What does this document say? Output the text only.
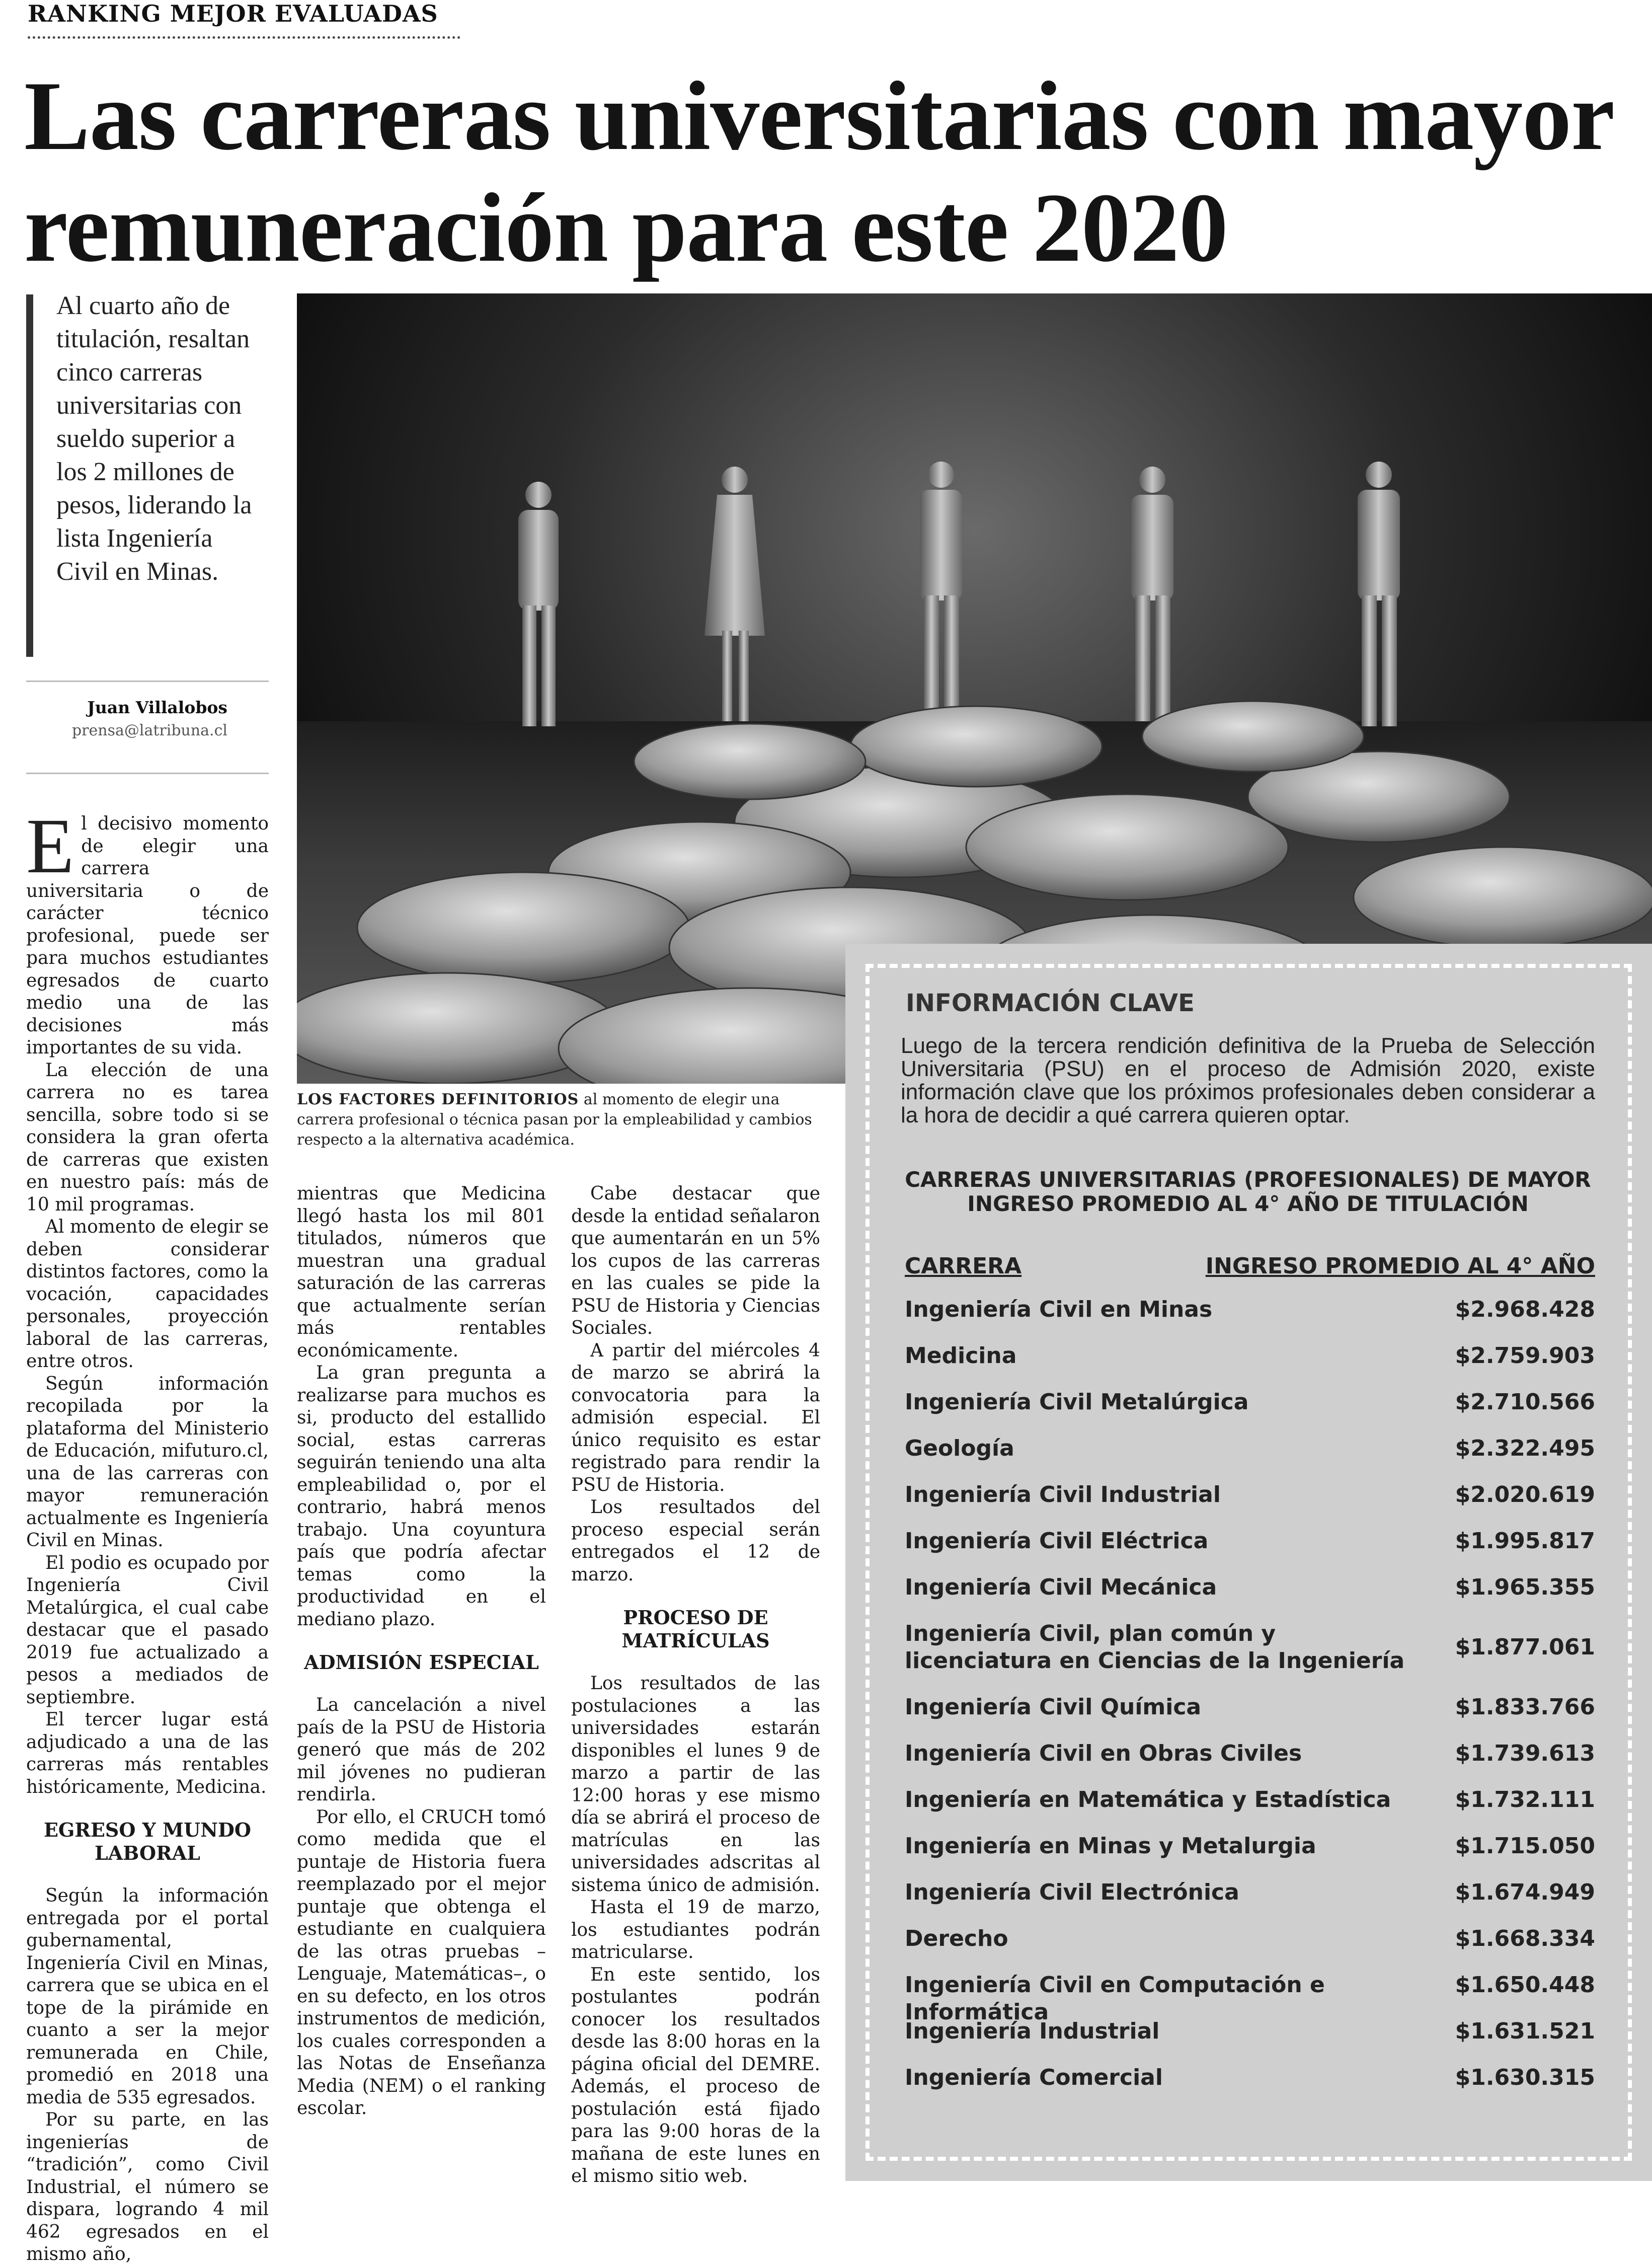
RANKING MEJOR EVALUADAS
Las carreras universitarias con mayor
remuneración para este 2020
Al cuarto año de titulación, resaltan cinco carreras universitarias con sueldo superior a los 2 millones de pesos, liderando la lista Ingeniería Civil en Minas.
Juan Villalobos
prensa@latribuna.cl
LOS FACTORES DEFINITORIOS al momento de elegir una carrera profesional o técnica pasan por la empleabilidad y cambios respecto a la alternativa académica.

El decisivo momento de elegir una carrera universitaria o de carácter técnico profesional, puede ser para muchos estudiantes egresados de cuarto medio una de las decisiones más importantes de su vida.

La elección de una carrera no es tarea sencilla, sobre todo si se considera la gran oferta de carreras que existen en nuestro país: más de 10 mil programas.

Al momento de elegir se deben considerar distintos factores, como la vocación, capacidades personales, proyección laboral de las carreras, entre otros.

Según información recopilada por la plataforma del Ministerio de Educación, mifuturo.cl, una de las carreras con mayor remuneración actualmente es Ingeniería Civil en Minas.

El podio es ocupado por Ingeniería Civil Metalúrgica, el cual cabe destacar que el pasado 2019 fue actualizado a pesos a mediados de septiembre.

El tercer lugar está adjudicado a una de las carreras más rentables históricamente, Medicina.

EGRESO Y MUNDO LABORAL

Según la información entregada por el portal gubernamental, Ingeniería Civil en Minas, carrera que se ubica en el tope de la pirámide en cuanto a ser la mejor remunerada en Chile, promedió en 2018 una media de 535 egresados.

Por su parte, en las ingenierías de “tradición”, como Civil Industrial, el número se dispara, logrando 4 mil 462 egresados en el mismo año,

mientras que Medicina llegó hasta los mil 801 titulados, números que muestran una gradual saturación de las carreras que actualmente serían más rentables económicamente.

La gran pregunta a realizarse para muchos es si, producto del estallido social, estas carreras seguirán teniendo una alta empleabilidad o, por el contrario, habrá menos trabajo. Una coyuntura país que podría afectar temas como la productividad en el mediano plazo.

ADMISIÓN ESPECIAL

La cancelación a nivel país de la PSU de Historia generó que más de 202 mil jóvenes no pudieran rendirla.

Por ello, el CRUCH tomó como medida que el puntaje de Historia fuera reemplazado por el mejor puntaje que obtenga el estudiante en cualquiera de las otras pruebas –Lenguaje, Matemáticas–, o en su defecto, en los otros instrumentos de medición, los cuales corresponden a las Notas de Enseñanza Media (NEM) o el ranking escolar.

Cabe destacar que desde la entidad señalaron que aumentarán en un 5% los cupos de las carreras en las cuales se pide la PSU de Historia y Ciencias Sociales.

A partir del miércoles 4 de marzo se abrirá la convocatoria para la admisión especial. El único requisito es estar registrado para rendir la PSU de Historia.

Los resultados del proceso especial serán entregados el 12 de marzo.

PROCESO DE MATRÍCULAS

Los resultados de las postulaciones a las universidades estarán disponibles el lunes 9 de marzo a partir de las 12:00 horas y ese mismo día se abrirá el proceso de matrículas en las universidades adscritas al sistema único de admisión.

Hasta el 19 de marzo, los estudiantes podrán matricularse.

En este sentido, los postulantes podrán conocer los resultados desde las 8:00 horas en la página oficial del DEMRE. Además, el proceso de postulación está fijado para las 9:00 horas de la mañana de este lunes en el mismo sitio web.

INFORMACIÓN CLAVE
Luego de la tercera rendición definitiva de la Prueba de Selección Universitaria (PSU) en el proceso de Admisión 2020, existe información clave que los próximos profesionales deben considerar a la hora de decidir a qué carrera quieren optar.
CARRERAS UNIVERSITARIAS (PROFESIONALES) DE MAYOR
INGRESO PROMEDIO AL 4° AÑO DE TITULACIÓN
CARRERA	INGRESO PROMEDIO AL 4° AÑO
Ingeniería Civil en Minas	$2.968.428
Medicina	$2.759.903
Ingeniería Civil Metalúrgica	$2.710.566
Geología	$2.322.495
Ingeniería Civil Industrial	$2.020.619
Ingeniería Civil Eléctrica	$1.995.817
Ingeniería Civil Mecánica	$1.965.355
Ingeniería Civil, plan común y
licenciatura en Ciencias de la Ingeniería
$1.877.061
Ingeniería Civil Química	$1.833.766
Ingeniería Civil en Obras Civiles	$1.739.613
Ingeniería en Matemática y Estadística	$1.732.111
Ingeniería en Minas y Metalurgia	$1.715.050
Ingeniería Civil Electrónica	$1.674.949
Derecho	$1.668.334
Ingeniería Civil en Computación e Informática
$1.650.448
Ingeniería Industrial	$1.631.521
Ingeniería Comercial	$1.630.315
